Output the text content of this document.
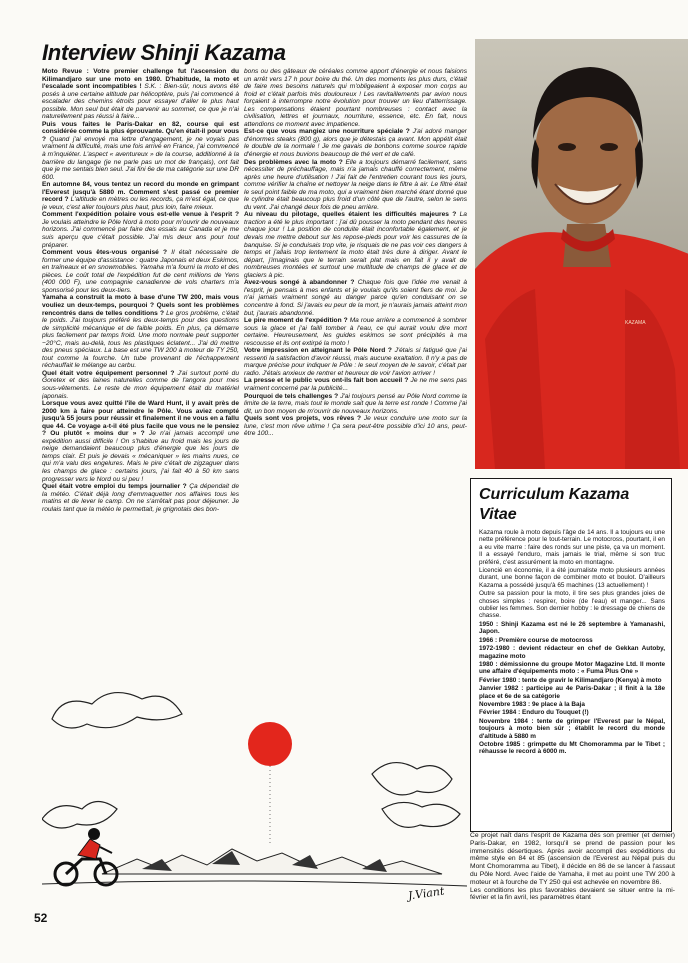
Interview Shinji Kazama

Moto Revue : Votre premier challenge fut l'ascension du Kilimandjaro sur une moto en 1980. D'habitude, la moto et l'escalade sont incompatibles ! S.K. : Bien-sûr, nous avons été posés à une certaine altitude par hélicoptère, puis j'ai commencé à escalader des chemins étroits pour essayer d'aller le plus haut possible. Mon seul but était de parvenir au sommet, ce que je n'ai naturellement pas réussi à faire...

Puis vous faites le Paris-Dakar en 82, course qui est considérée comme la plus éprouvante. Qu'en était-il pour vous ? Quand j'ai envoyé ma lettre d'engagement, je ne voyais pas vraiment la difficulté, mais une fois arrivé en France, j'ai commencé à m'inquiéter. L'aspect « aventureux » de la course, additionné à la barrière du langage (je ne parle pas un mot de français), ont fait que je me sentais bien seul. J'ai fini 6e de ma catégorie sur une DR 600.

En automne 84, vous tentez un record du monde en grimpant l'Everest jusqu'à 5880 m. Comment s'est passé ce premier record ? L'altitude en mètres ou les records, ça m'est égal, ce que je veux, c'est aller toujours plus haut, plus loin, faire mieux.

Comment l'expédition polaire vous est-elle venue à l'esprit ? Je voulais atteindre le Pôle Nord à moto pour m'ouvrir de nouveaux horizons. J'ai commencé par faire des essais au Canada et je me suis aperçu que c'était possible. J'ai mis deux ans pour tout préparer.

Comment vous êtes-vous organisé ? Il était nécessaire de former une équipe d'assistance : quatre Japonais et deux Eskimos, en traîneaux et en snowmobiles. Yamaha m'a fourni la moto et des pièces. Le coût total de l'expédition fut de cent millions de Yens (400 000 F), une compagnie canadienne de vols charters m'a sponsorisé pour les deux-tiers.

Yamaha a construit la moto à base d'une TW 200, mais vous vouliez un deux-temps, pourquoi ? Quels sont les problèmes rencontrés dans de telles conditions ? Le gros problème, c'était le poids. J'ai toujours préféré les deux-temps pour des questions de simplicité mécanique et de faible poids. En plus, ça démarre plus facilement par temps froid. Une moto normale peut supporter −20°C, mais au-delà, tous les plastiques éclatent... J'ai dû mettre des pneus spéciaux. La base est une TW 200 à moteur de TY 250, tout comme la fourche. Un tube provenant de l'échappement réchauffait le mélange au carbu.

Quel était votre équipement personnel ? J'ai surtout porté du Goretex et des laines naturelles comme de l'angora pour mes sous-vêtements. Le reste de mon équipement était du matériel japonais.

Lorsque vous avez quitté l'île de Ward Hunt, il y avait près de 2000 km à faire pour atteindre le Pôle. Vous aviez compté jusqu'à 55 jours pour réussir et finalement il ne vous en a fallu que 44. Ce voyage a-t-il été plus facile que vous ne le pensiez ? Ou plutôt « moins dur » ? Je n'ai jamais accompli une expédition aussi difficile ! On s'habitue au froid mais les jours de neige demandaient beaucoup plus d'énergie que les jours de temps clair. Et puis je devais « mécaniquer » les mains nues, ce qui m'a valu des engelures. Mais le pire c'était de zigzaguer dans les champs de glace : certains jours, j'ai fait 40 à 50 km sans progresser vers le Nord ou si peu !

Quel était votre emploi du temps journalier ? Ça dépendait de la météo. C'était déjà long d'emmaquetter nos affaires tous les matins et de lever le camp. On ne s'arrêtait pas pour déjeuner. Je roulais tant que la météo le permettait, je grignotais des bon-

bons ou des gâteaux de céréales comme apport d'énergie et nous faisions un arrêt vers 17 h pour boire du thé. Un des moments les plus durs, c'était de faire mes besoins naturels qui m'obligeaient à exposer mon corps au froid et c'était parfois très douloureux ! Les ravitaillements par avion nous forçaient à interrompre notre évolution pour trouver un lieu d'atterrissage. Les compensations étaient pourtant nombreuses : contact avec la civilisation, lettres et journaux, nourriture, essence, etc. En fait, nous attendions ce moment avec impatience.

Est-ce que vous mangiez une nourriture spéciale ? J'ai adoré manger d'énormes steaks (800 g), alors que je détestais ça avant. Mon appétit était le double de la normale ! Je me gavais de bonbons comme source rapide d'énergie et nous buvions beaucoup de thé vert et de café.

Des problèmes avec la moto ? Elle a toujours démarré facilement, sans nécessiter de préchauffage, mais n'a jamais chauffé correctement, même après une heure d'utilisation ! J'ai fait de l'entretien courant tous les jours, comme vérifier la chaîne et nettoyer la neige dans le filtre à air. Le filtre était le seul point faible de ma moto, qui a vraiment bien marché étant donné que le cylindre était beaucoup plus froid d'un côté que de l'autre, selon le sens du vent. J'ai changé deux fois de pneu arrière.

Au niveau du pilotage, quelles étaient les difficultés majeures ? La traction a été le plus important : j'ai dû pousser la moto pendant des heures chaque jour ! La position de conduite était inconfortable également, et je devais me mettre debout sur les repose-pieds pour voir les cassures de la banquise. Si je conduisais trop vite, je risquais de ne pas voir ces dangers à temps et j'allais trop lentement la moto était très dure à diriger. Avant le départ, j'imaginais que le terrain serait plat mais en fait il y avait de nombreuses montées et surtout une multitude de champs de glace et de glaciers à pic.

Avez-vous songé à abandonner ? Chaque fois que l'idée me venait à l'esprit, je pensais à mes enfants et je voulais qu'ils soient fiers de moi. Je n'ai jamais vraiment songé au danger parce qu'en conduisant on se concentre à fond. Si j'avais eu peur de la mort, je n'aurais jamais atteint mon but, j'aurais abandonné.

Le pire moment de l'expédition ? Ma roue arrière a commencé à sombrer sous la glace et j'ai failli tomber à l'eau, ce qui aurait voulu dire mort certaine. Heureusement, les guides eskimos se sont précipités à ma rescousse et ils ont extirpé la moto !

Votre impression en atteignant le Pôle Nord ? J'étais si fatigué que j'ai ressenti la satisfaction d'avoir réussi, mais aucune exaltation. Il n'y a pas de marque précise pour indiquer le Pôle : le seul moyen de le savoir, c'était par radio. J'étais anxieux de rentrer et heureux de voir l'avion arriver !

La presse et le public vous ont-ils fait bon accueil ? Je ne me sens pas vraiment concerné par la publicité...

Pourquoi de tels challenges ? J'ai toujours pensé au Pôle Nord comme la limite de la terre, mais tout le monde sait que la terre est ronde ! Comme j'ai dit, un bon moyen de m'ouvrir de nouveaux horizons.

Quels sont vos projets, vos rêves ? Je veux conduire une moto sur la lune, c'est mon rêve ultime ! Ça sera peut-être possible d'ici 10 ans, peut-être 100...

KAZAMA
Curriculum Kazama Vitae

Kazama roule à moto depuis l'âge de 14 ans. Il a toujours eu une nette préférence pour le tout-terrain. Le motocross, pourtant, il en a eu vite marre : faire des ronds sur une piste, ça va un moment. Il a essayé l'enduro, mais jamais le trial, même si son truc préféré, c'est assurément la moto en montagne.

Licencié en économie, il a été journaliste moto plusieurs années durant, une bonne façon de combiner moto et boulot. D'ailleurs Kazama a possédé jusqu'à 65 machines (13 actuellement) !

Outre sa passion pour la moto, il tire ses plus grandes joies de choses simples : respirer, boire (de l'eau) et manger... Sans oublier les femmes. Son dernier hobby : le dressage de chiens de chasse.

1950 : Shinji Kazama est né le 26 septembre à Yamanashi, Japon.

1966 : Première course de motocross

1972-1980 : devient rédacteur en chef de Gekkan Autoby, magazine moto

1980 : démissionne du groupe Motor Magazine Ltd. Il monte une affaire d'équipements moto : « Fuma Plus One »

Février 1980 : tente de gravir le Kilimandjaro (Kenya) à moto

Janvier 1982 : participe au 4e Paris-Dakar ; il finit à la 18e place et 6e de sa catégorie

Novembre 1983 : 9e place à la Baja

Février 1984 : Enduro du Touquet (!)

Novembre 1984 : tente de grimper l'Everest par le Népal, toujours à moto bien sûr ; établit le record du monde d'altitude à 5880 m

Octobre 1985 : grimpette du Mt Chomoramma par le Tibet ; réhausse le record à 6000 m.

Ce projet naît dans l'esprit de Kazama dès son premier (et dernier) Paris-Dakar, en 1982, lorsqu'il se prend de passion pour les immensités désertiques. Après avoir accompli des expéditions du même style en 84 et 85 (ascension de l'Everest au Népal puis du Mont Chomoramma au Tibet), il décide en 86 de se lancer à l'assaut du Pôle Nord. Avec l'aide de Yamaha, il met au point une TW 200 à moteur et à fourche de TY 250 qui est achevée en novembre 86.

Les conditions les plus favorables devaient se situer entre la mi-février et la fin avril, les paramètres étant

J.Viant
52
